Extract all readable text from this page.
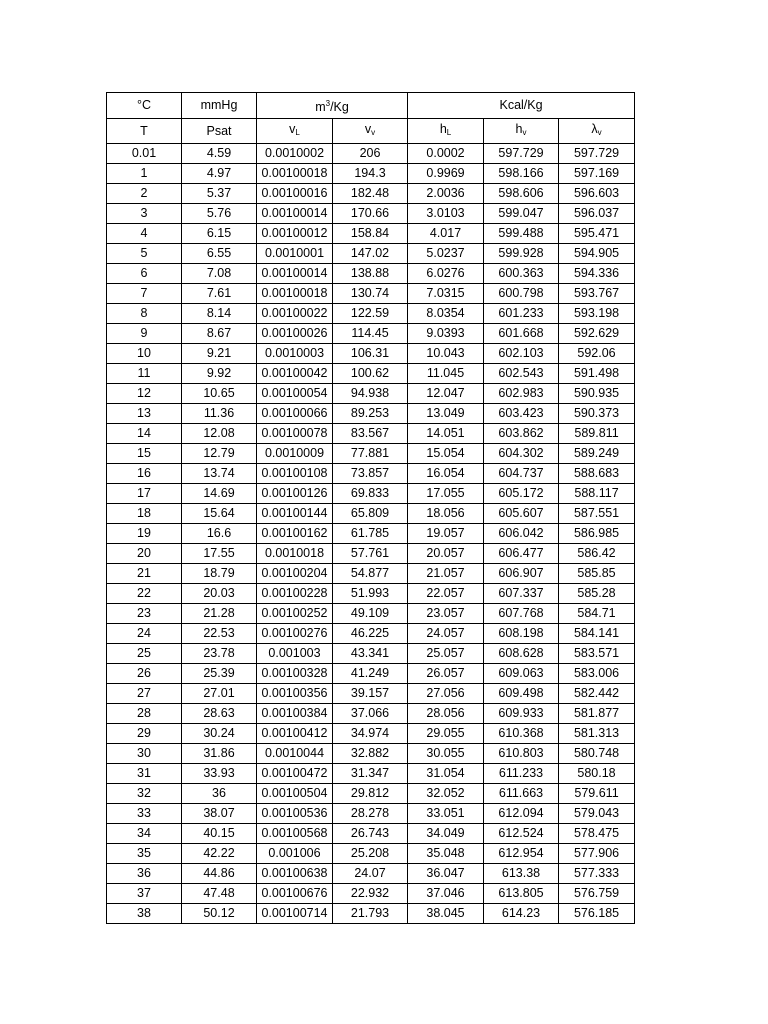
°C	mmHg	$m^3/Kg$		Kcal/Kg		
T	Psat	$v_L$	$v_v$	$h_L$	$h_v$	$\lambda_v$
0.01	4.59	0.0010002	206	0.0002	597.729	597.729
1	4.97	0.00100018	194.3	0.9969	598.166	597.169
2	5.37	0.00100016	182.48	2.0036	598.606	596.603
3	5.76	0.00100014	170.66	3.0103	599.047	596.037
4	6.15	0.00100012	158.84	4.017	599.488	595.471
5	6.55	0.0010001	147.02	5.0237	599.928	594.905
6	7.08	0.00100014	138.88	6.0276	600.363	594.336
7	7.61	0.00100018	130.74	7.0315	600.798	593.767
8	8.14	0.00100022	122.59	8.0354	601.233	593.198
9	8.67	0.00100026	114.45	9.0393	601.668	592.629
10	9.21	0.0010003	106.31	10.043	602.103	592.06
11	9.92	0.00100042	100.62	11.045	602.543	591.498
12	10.65	0.00100054	94.938	12.047	602.983	590.935
13	11.36	0.00100066	89.253	13.049	603.423	590.373
14	12.08	0.00100078	83.567	14.051	603.862	589.811
15	12.79	0.0010009	77.881	15.054	604.302	589.249
16	13.74	0.00100108	73.857	16.054	604.737	588.683
17	14.69	0.00100126	69.833	17.055	605.172	588.117
18	15.64	0.00100144	65.809	18.056	605.607	587.551
19	16.6	0.00100162	61.785	19.057	606.042	586.985
20	17.55	0.0010018	57.761	20.057	606.477	586.42
21	18.79	0.00100204	54.877	21.057	606.907	585.85
22	20.03	0.00100228	51.993	22.057	607.337	585.28
23	21.28	0.00100252	49.109	23.057	607.768	584.71
24	22.53	0.00100276	46.225	24.057	608.198	584.141
25	23.78	0.001003	43.341	25.057	608.628	583.571
26	25.39	0.00100328	41.249	26.057	609.063	583.006
27	27.01	0.00100356	39.157	27.056	609.498	582.442
28	28.63	0.00100384	37.066	28.056	609.933	581.877
29	30.24	0.00100412	34.974	29.055	610.368	581.313
30	31.86	0.0010044	32.882	30.055	610.803	580.748
31	33.93	0.00100472	31.347	31.054	611.233	580.18
32	36	0.00100504	29.812	32.052	611.663	579.611
33	38.07	0.00100536	28.278	33.051	612.094	579.043
34	40.15	0.00100568	26.743	34.049	612.524	578.475
35	42.22	0.001006	25.208	35.048	612.954	577.906
36	44.86	0.00100638	24.07	36.047	613.38	577.333
37	47.48	0.00100676	22.932	37.046	613.805	576.759
38	50.12	0.00100714	21.793	38.045	614.23	576.185
